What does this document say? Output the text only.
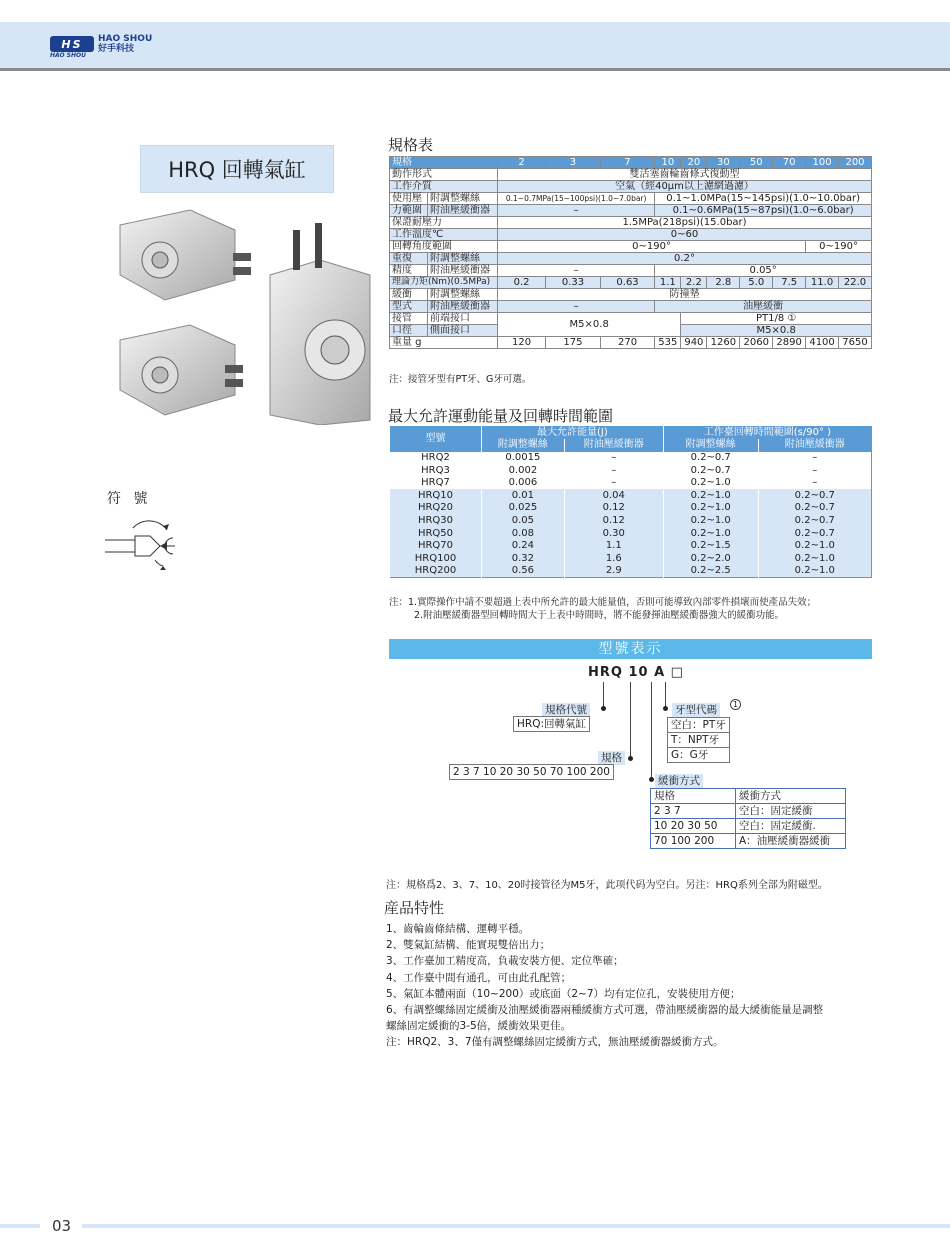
HS	HAO SHOU
好手科技
HAO SHOU
HRQ 回轉氣缸
符 號
規格表
規格		2	3	7	10	20	30	50	70	100	200
動作形式		雙活塞齒輪齒條式復動型									
工作介質		空氣（經40μm以上濾網過濾）									
使用壓	附調整螺絲	0.1~0.7MPa(15~100psi)(1.0~7.0bar)			0.1~1.0MPa(15~145psi)(1.0~10.0bar)						
力範圍	附油壓緩衝器	–			0.1~0.6MPa(15~87psi)(1.0~6.0bar)						
保證耐壓力		1.5MPa(218psi)(15.0bar)									
工作溫度℃		0~60									
回轉角度範圍		0~190°								0~190°	
重復	附調整螺絲	0.2°									
精度	附油壓緩衝器	–			0.05°						
理論力矩(Nm)(0.5MPa)		0.2	0.33	0.63	1.1	2.2	2.8	5.0	7.5	11.0	22.0
緩衝	附調整螺絲	防撞墊									
型式	附油壓緩衝器	–			油壓緩衝						
接管	前端接口	M5×0.8				PT1/8 ①					
口徑	側面接口					M5×0.8					
重量 g		120	175	270	535	940	1260	2060	2890	4100	7650
注：接管牙型有PT牙、G牙可選。
最大允許運動能量及回轉時間範圍
型號	最大允許能量(J)		工作臺回轉時間範圍(s/90° )	
	附調整螺絲	附油壓緩衝器	附調整螺絲	附油壓緩衝器
HRQ2	0.0015	–	0.2~0.7	–
HRQ3	0.002	–	0.2~0.7	–
HRQ7	0.006	–	0.2~1.0	–
HRQ10	0.01	0.04	0.2~1.0	0.2~0.7
HRQ20	0.025	0.12	0.2~1.0	0.2~0.7
HRQ30	0.05	0.12	0.2~1.0	0.2~0.7
HRQ50	0.08	0.30	0.2~1.0	0.2~0.7
HRQ70	0.24	1.1	0.2~1.5	0.2~1.0
HRQ100	0.32	1.6	0.2~2.0	0.2~1.0
HRQ200	0.56	2.9	0.2~2.5	0.2~1.0
注：1.實際操作中請不要超過上表中所允許的最大能量值，否則可能導致內部零件損壞而使產品失效；
2.附油壓緩衝器型回轉時間大于上表中時間時，將不能發揮油壓緩衝器強大的緩衝功能。
型號表示
HRQ 10 A □
規格代號
HRQ:回轉氣缸
規格
2 3 7 10 20 30 50 70 100 200
牙型代碼	1
空白：PT牙
T：NPT牙
G：G牙
緩衝方式
規格	緩衝方式
2 3 7	空白：固定緩衝
10 20 30 50	空白：固定緩衝.
70 100 200	A：油壓緩衝器緩衝
注：規格爲2、3、7、10、20时接管径为M5牙，此项代码为空白。另注：HRQ系列全部为附磁型。
産品特性
1、齒輪齒條結構、運轉平穩。
2、雙氣缸結構、能實現雙倍出力；
3、工作臺加工精度高，負載安裝方便、定位準確；
4、工作臺中間有通孔，可由此孔配管；
5、氣缸本體兩面（10~200）或底面（2~7）均有定位孔，安裝使用方便；
6、有調整螺絲固定緩衝及油壓緩衝器兩種緩衝方式可選，帶油壓緩衝器的最大緩衝能量是調整
螺絲固定緩衝的3-5倍，緩衝效果更佳。
注：HRQ2、3、7僅有調整螺絲固定緩衝方式，無油壓緩衝器緩衝方式。
03
